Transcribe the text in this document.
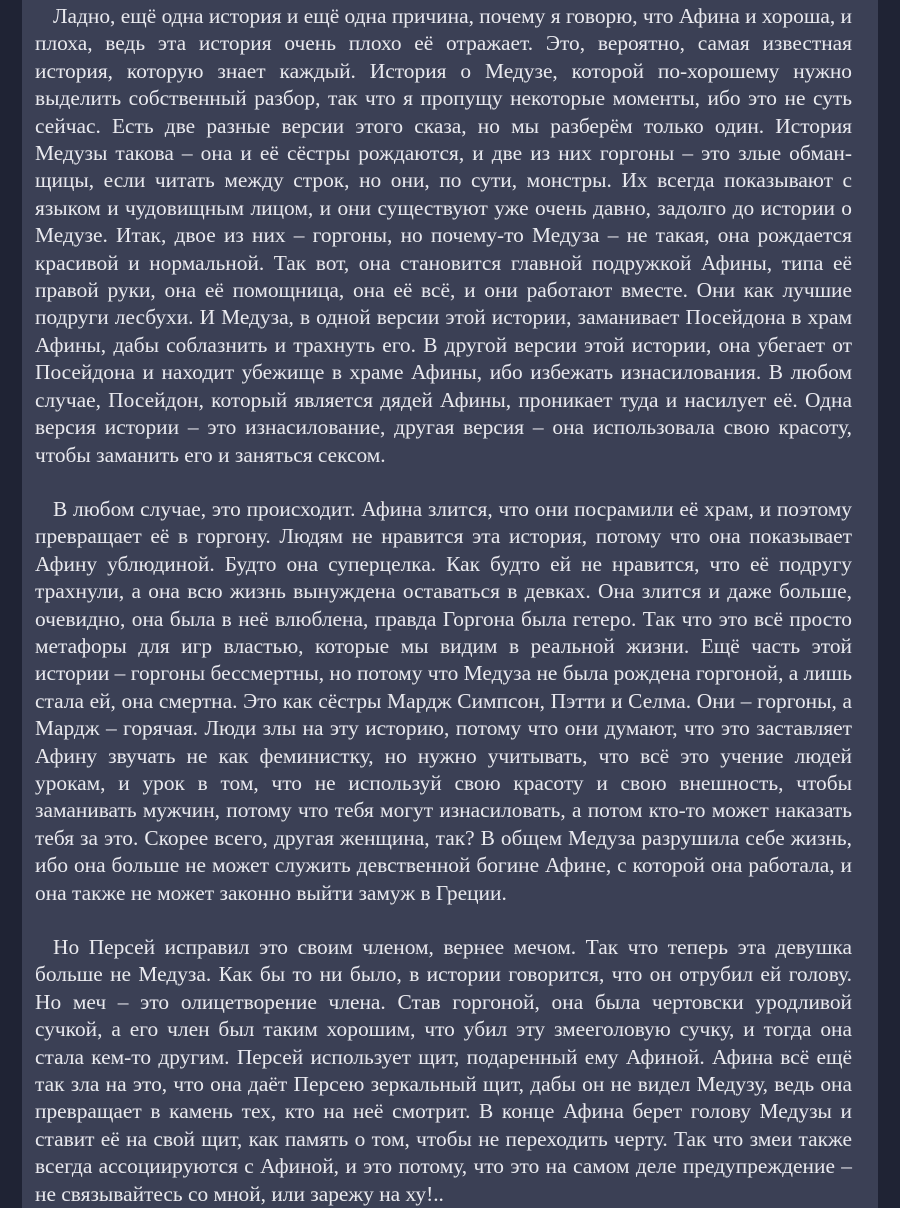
Ладно, ещё одна история и ещё одна причина, почему я говорю, что Афина и хороша, и плоха, ведь эта история очень плохо её отражает. Это, вероятно, самая известная история, которую знает каждый. История о Медузе, которой по-хорошему нужно выделить собственный разбор, так что я пропущу некоторые моменты, ибо это не суть сейчас. Есть две разные версии этого сказа, но мы разберём только один. История Медузы такова – она и её сёстры рождаются, и две из них горгоны – это злые обманщицы, если читать между строк, но они, по сути, монстры. Их всегда показывают с языком и чудовищным лицом, и они существуют уже очень давно, задолго до истории о Медузе. Итак, двое из них – горгоны, но почему-то Медуза – не такая, она рождается красивой и нормальной. Так вот, она становится главной подружкой Афины, типа её правой руки, она её помощница, она её всё, и они работают вместе. Они как лучшие подруги лесбухи. И Медуза, в одной версии этой истории, заманивает Посейдона в храм Афины, дабы соблазнить и трахнуть его. В другой версии этой истории, она убегает от Посейдона и находит убежище в храме Афины, ибо избежать изнасилования. В любом случае, Посейдон, который является дядей Афины, проникает туда и насилует её. Одна версия истории – это изнасилование, другая версия – она использовала свою красоту, чтобы заманить его и заняться сексом.

В любом случае, это происходит. Афина злится, что они посрамили её храм, и поэтому превращает её в горгону. Людям не нравится эта история, потому что она показывает Афину ублюдиной. Будто она суперцелка. Как будто ей не нравится, что её подругу трахнули, а она всю жизнь вынуждена оставаться в девках. Она злится и даже больше, очевидно, она была в неё влюблена, правда Горгона была гетеро. Так что это всё просто метафоры для игр властью, которые мы видим в реальной жизни. Ещё часть этой истории – горгоны бессмертны, но потому что Медуза не была рождена горгоной, а лишь стала ей, она смертна. Это как сёстры Мардж Симпсон, Пэтти и Селма. Они – горгоны, а Мардж – горячая. Люди злы на эту историю, потому что они думают, что это заставляет Афину звучать не как феминистку, но нужно учитывать, что всё это учение людей урокам, и урок в том, что не используй свою красоту и свою внешность, чтобы заманивать мужчин, потому что тебя могут изнасиловать, а потом кто-то может наказать тебя за это. Скорее всего, другая женщина, так? В общем Медуза разрушила себе жизнь, ибо она больше не может служить девственной богине Афине, с которой она работала, и она также не может законно выйти замуж в Греции.

Но Персей исправил это своим членом, вернее мечом. Так что теперь эта девушка больше не Медуза. Как бы то ни было, в истории говорится, что он отрубил ей голову. Но меч – это олицетворение члена. Став горгоной, она была чертовски уродливой сучкой, а его член был таким хорошим, что убил эту змееголовую сучку, и тогда она стала кем-то другим. Персей использует щит, подаренный ему Афиной. Афина всё ещё так зла на это, что она даёт Персею зеркальный щит, дабы он не видел Медузу, ведь она превращает в камень тех, кто на неё смотрит. В конце Афина берет голову Медузы и ставит её на свой щит, как память о том, чтобы не переходить черту. Так что змеи также всегда ассоциируются с Афиной, и это потому, что это на самом деле предупреждение – не связывайтесь со мной, или зарежу на ху!..
